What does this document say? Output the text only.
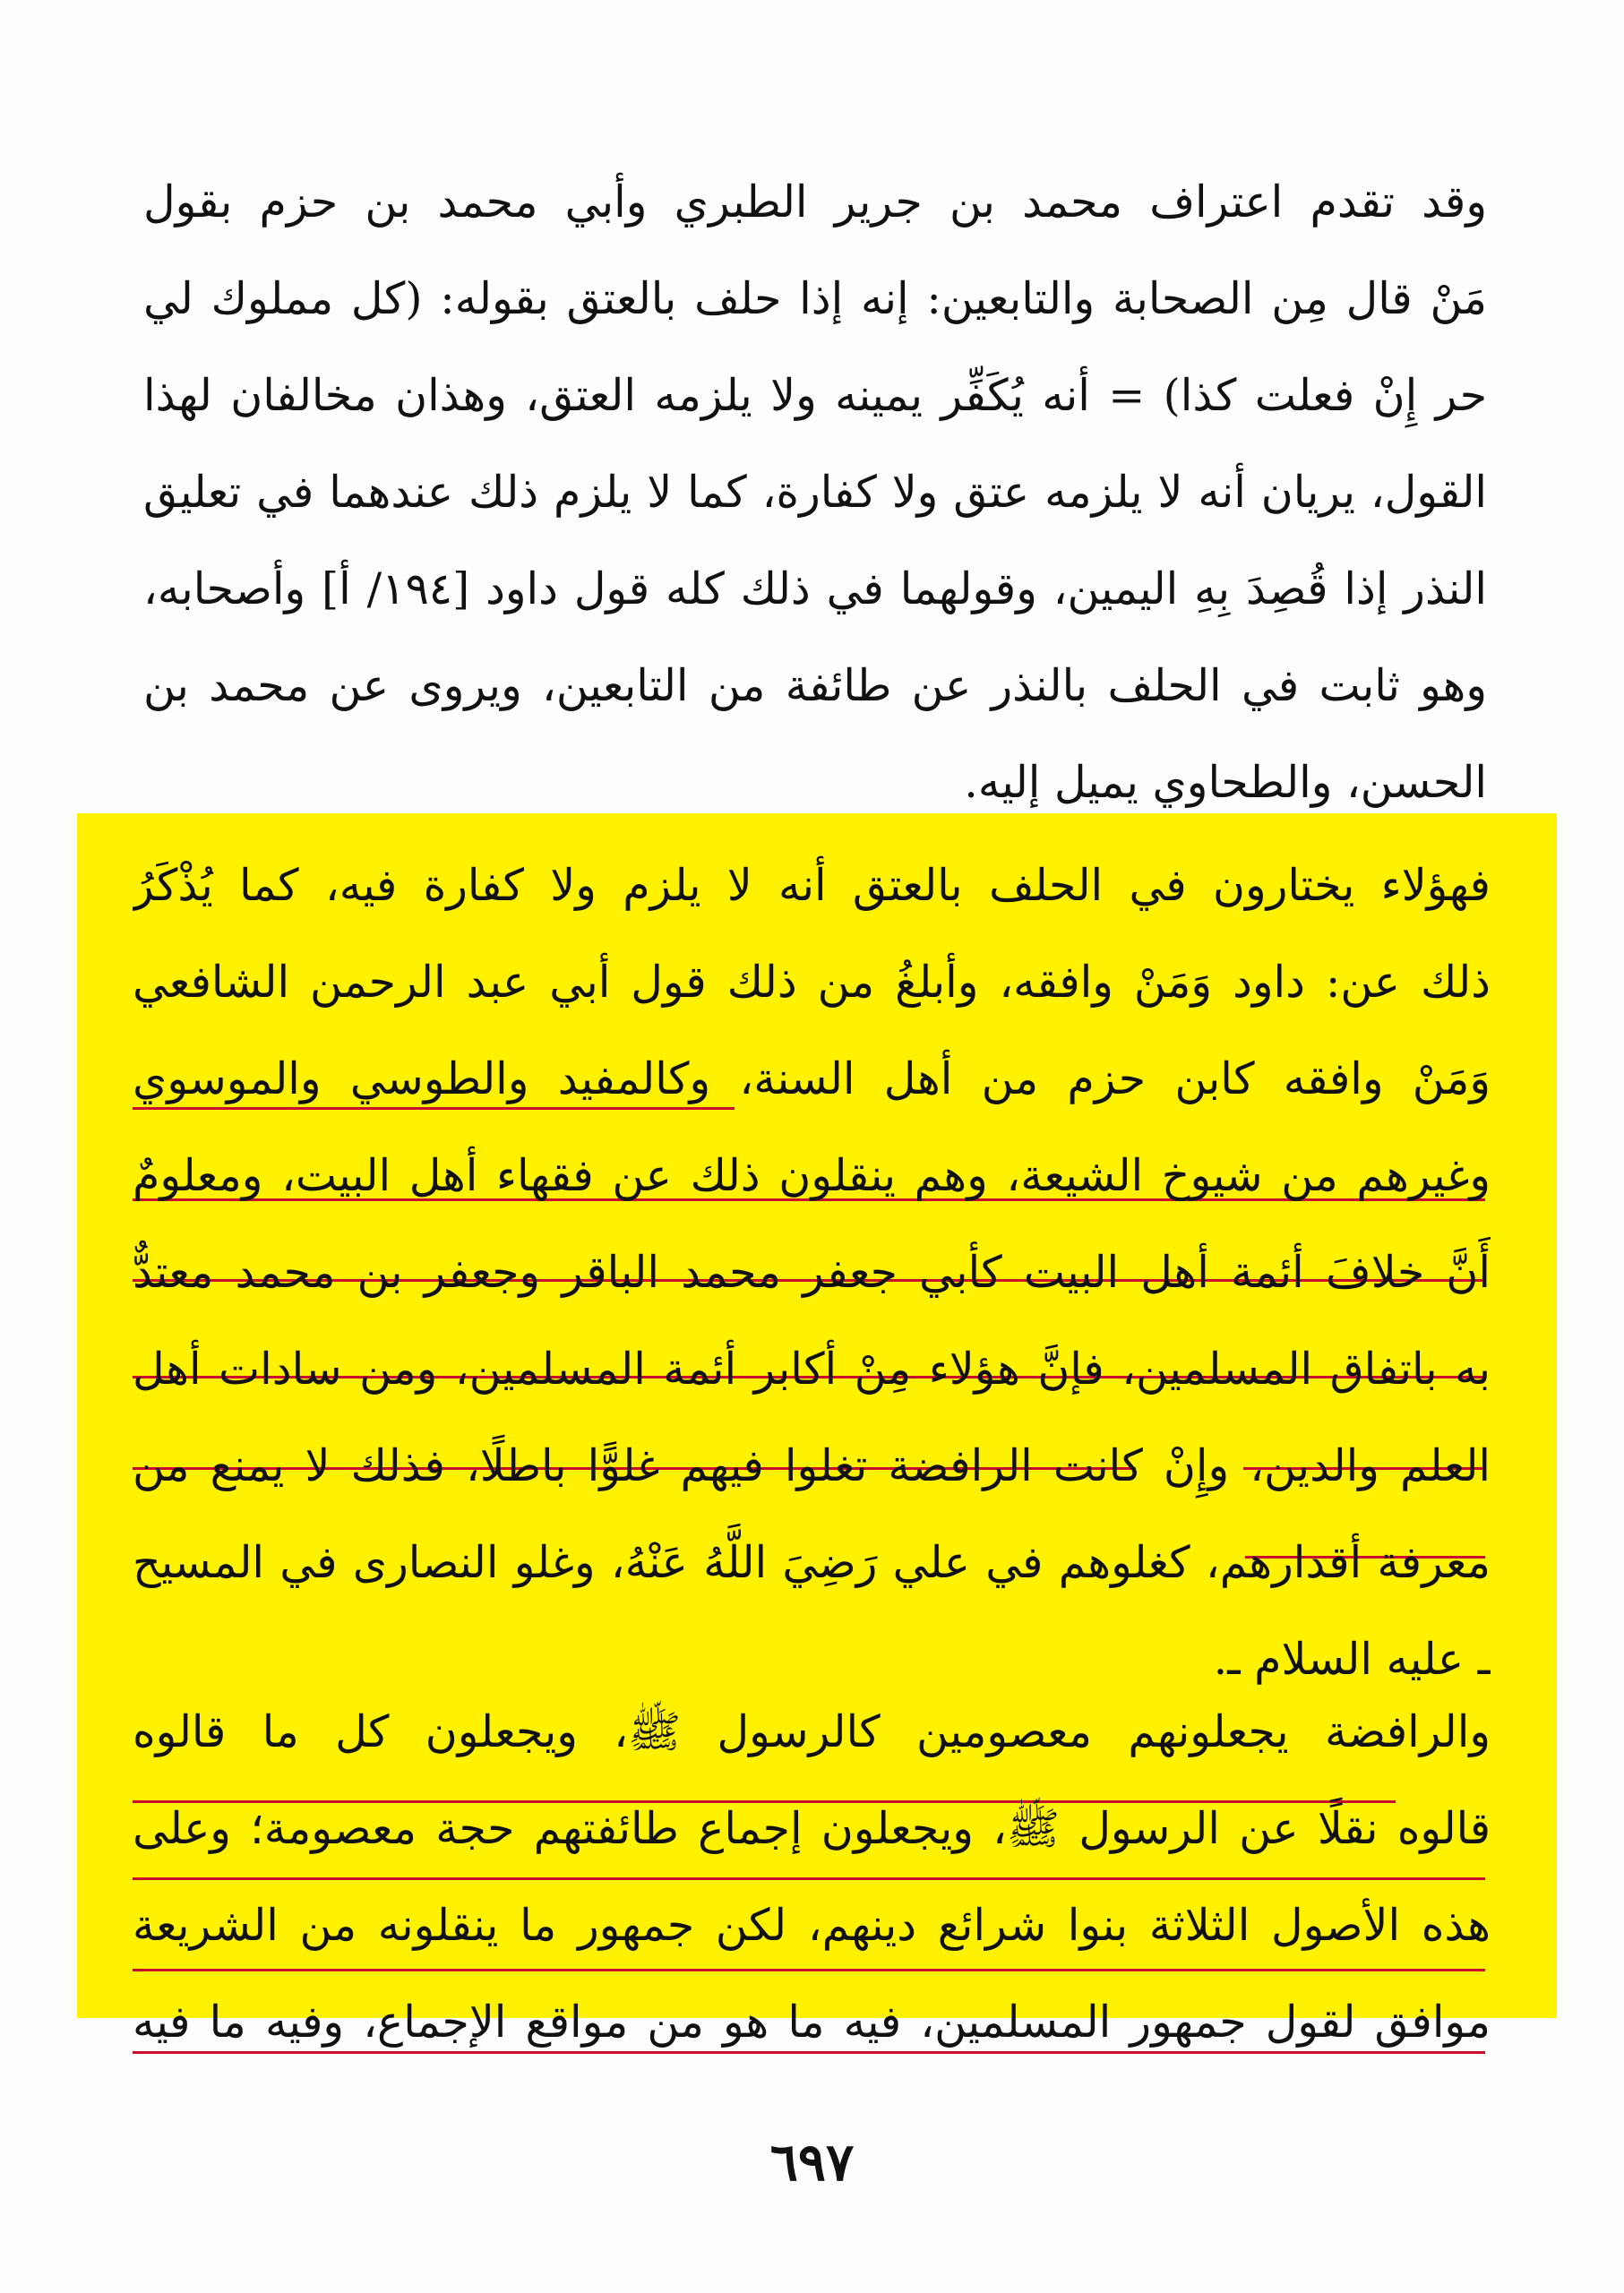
وقد تقدم اعتراف محمد بن جرير الطبري وأبي محمد بن حزم بقول
مَنْ قال مِن الصحابة والتابعين: إنه إذا حلف بالعتق بقوله: (كل مملوك لي
حر إِنْ فعلت كذا) = أنه يُكَفِّر يمينه ولا يلزمه العتق، وهذان مخالفان لهذا
القول، يريان أنه لا يلزمه عتق ولا كفارة، كما لا يلزم ذلك عندهما في تعليق
النذر إذا قُصِدَ بِهِ اليمين، وقولهما في ذلك كله قول داود [١٩٤/ أ] وأصحابه،
وهو ثابت في الحلف بالنذر عن طائفة من التابعين، ويروى عن محمد بن
الحسن، والطحاوي يميل إليه.
فهؤلاء يختارون في الحلف بالعتق أنه لا يلزم ولا كفارة فيه، كما يُذْكَرُ
ذلك عن: داود وَمَنْ وافقه، وأبلغُ من ذلك قول أبي عبد الرحمن الشافعي
وَمَنْ وافقه كابن حزم من أهل السنة، وكالمفيد والطوسي والموسوي
وغيرهم من شيوخ الشيعة، وهم ينقلون ذلك عن فقهاء أهل البيت، ومعلومٌ
أَنَّ خلافَ أئمة أهل البيت كأبي جعفر محمد الباقر وجعفر بن محمد معتدٌّ
به باتفاق المسلمين، فإنَّ هؤلاء مِنْ أكابر أئمة المسلمين، ومن سادات أهل
العلم والدين، وإِنْ كانت الرافضة تغلوا فيهم غلوًّا باطلًا، فذلك لا يمنع من
معرفة أقدارهم، كغلوهم في علي رَضِيَ اللَّهُ عَنْهُ، وغلو النصارى في المسيح
ـ عليه السلام ـ.
والرافضة يجعلونهم معصومين كالرسول ﷺ، ويجعلون كل ما قالوه
قالوه نقلًا عن الرسول ﷺ، ويجعلون إجماع طائفتهم حجة معصومة؛ وعلى
هذه الأصول الثلاثة بنوا شرائع دينهم، لكن جمهور ما ينقلونه من الشريعة
موافق لقول جمهور المسلمين، فيه ما هو من مواقع الإجماع، وفيه ما فيه
٦٩٧
